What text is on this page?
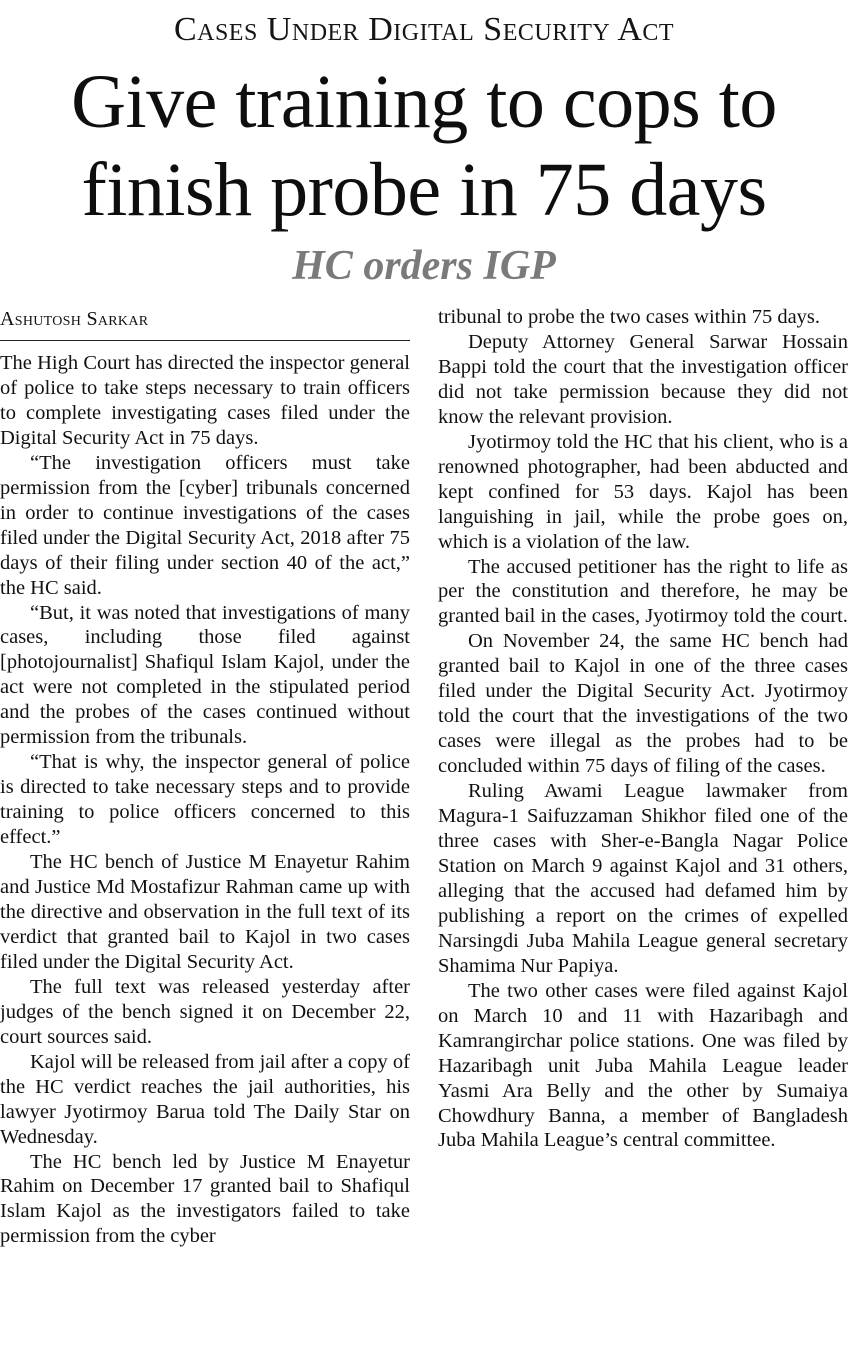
Cases Under Digital Security Act
Give training to cops to finish probe in 75 days
HC orders IGP
Ashutosh Sarkar

The High Court has directed the inspector general of police to take steps necessary to train officers to complete investigating cases filed under the Digital Security Act in 75 days.

“The investigation officers must take permission from the [cyber] tribunals concerned in order to continue investigations of the cases filed under the Digital Security Act, 2018 after 75 days of their filing under section 40 of the act,” the HC said.

“But, it was noted that investigations of many cases, including those filed against [photojournalist] Shafiqul Islam Kajol, under the act were not completed in the stipulated period and the probes of the cases continued without permission from the tribunals.

“That is why, the inspector general of police is directed to take necessary steps and to provide training to police officers concerned to this effect.”

The HC bench of Justice M Enayetur Rahim and Justice Md Mostafizur Rahman came up with the directive and observation in the full text of its verdict that granted bail to Kajol in two cases filed under the Digital Security Act.

The full text was released yesterday after judges of the bench signed it on December 22, court sources said.

Kajol will be released from jail after a copy of the HC verdict reaches the jail authorities, his lawyer Jyotirmoy Barua told The Daily Star on Wednesday.

The HC bench led by Justice M Enayetur Rahim on December 17 granted bail to Shafiqul Islam Kajol as the investigators failed to take permission from the cyber

tribunal to probe the two cases within 75 days.

Deputy Attorney General Sarwar Hossain Bappi told the court that the investigation officer did not take permission because they did not know the relevant provision.

Jyotirmoy told the HC that his client, who is a renowned photographer, had been abducted and kept confined for 53 days. Kajol has been languishing in jail, while the probe goes on, which is a violation of the law.

The accused petitioner has the right to life as per the constitution and therefore, he may be granted bail in the cases, Jyotirmoy told the court.

On November 24, the same HC bench had granted bail to Kajol in one of the three cases filed under the Digital Security Act. Jyotirmoy told the court that the investigations of the two cases were illegal as the probes had to be concluded within 75 days of filing of the cases.

Ruling Awami League lawmaker from Magura-1 Saifuzzaman Shikhor filed one of the three cases with Sher-e-Bangla Nagar Police Station on March 9 against Kajol and 31 others, alleging that the accused had defamed him by publishing a report on the crimes of expelled Narsingdi Juba Mahila League general secretary Shamima Nur Papiya.

The two other cases were filed against Kajol on March 10 and 11 with Hazaribagh and Kamrangirchar police stations. One was filed by Hazaribagh unit Juba Mahila League leader Yasmi Ara Belly and the other by Sumaiya Chowdhury Banna, a member of Bangladesh Juba Mahila League’s central committee.
